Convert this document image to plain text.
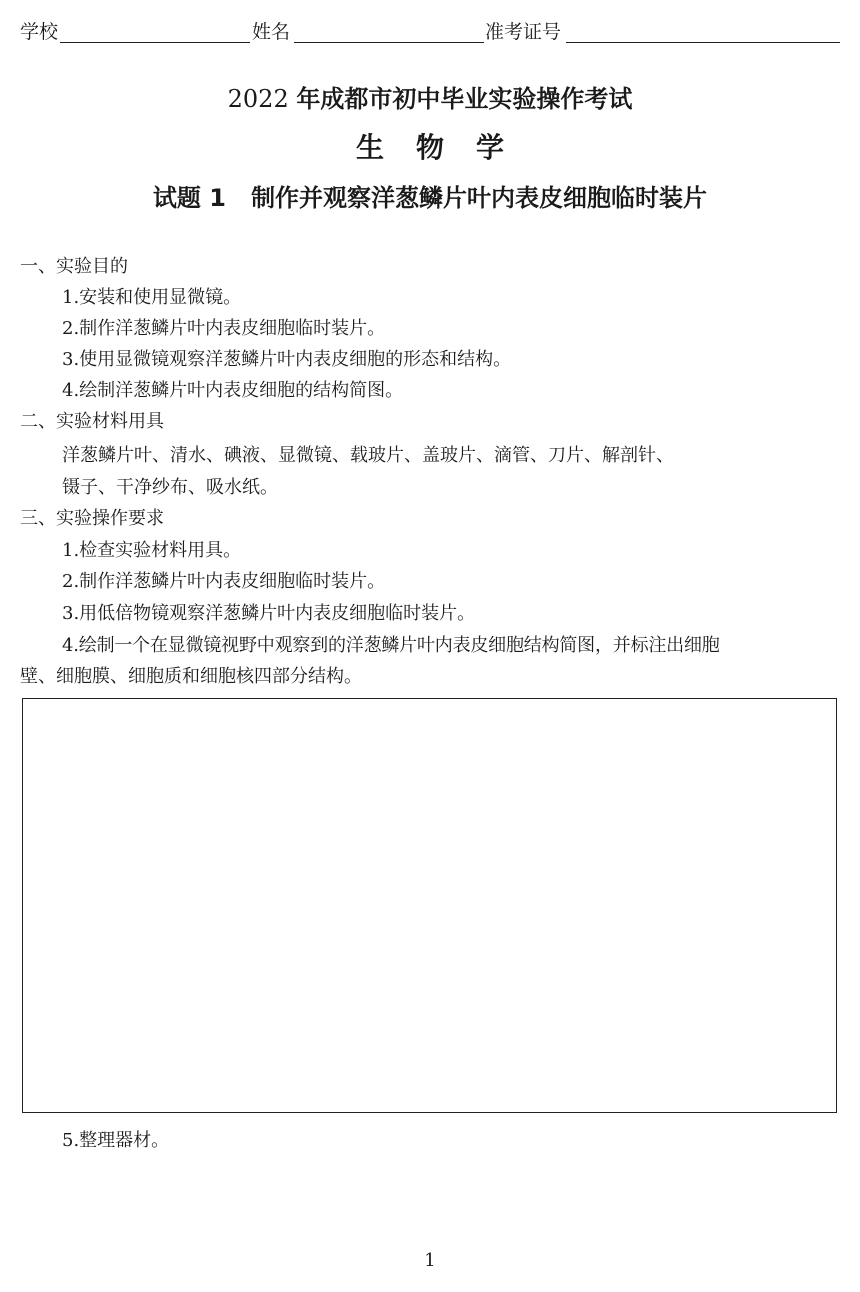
学校	姓名	准考证号
2022 年成都市初中毕业实验操作考试
生物学
试题 1 制作并观察洋葱鳞片叶内表皮细胞临时装片
一、实验目的
1.安装和使用显微镜。
2.制作洋葱鳞片叶内表皮细胞临时装片。
3.使用显微镜观察洋葱鳞片叶内表皮细胞的形态和结构。
4.绘制洋葱鳞片叶内表皮细胞的结构简图。
二、实验材料用具
洋葱鳞片叶、清水、碘液、显微镜、载玻片、盖玻片、滴管、刀片、解剖针、
镊子、干净纱布、吸水纸。
三、实验操作要求
1.检查实验材料用具。
2.制作洋葱鳞片叶内表皮细胞临时装片。
3.用低倍物镜观察洋葱鳞片叶内表皮细胞临时装片。
4.绘制一个在显微镜视野中观察到的洋葱鳞片叶内表皮细胞结构简图，并标注出细胞
壁、细胞膜、细胞质和细胞核四部分结构。
5.整理器材。
1
